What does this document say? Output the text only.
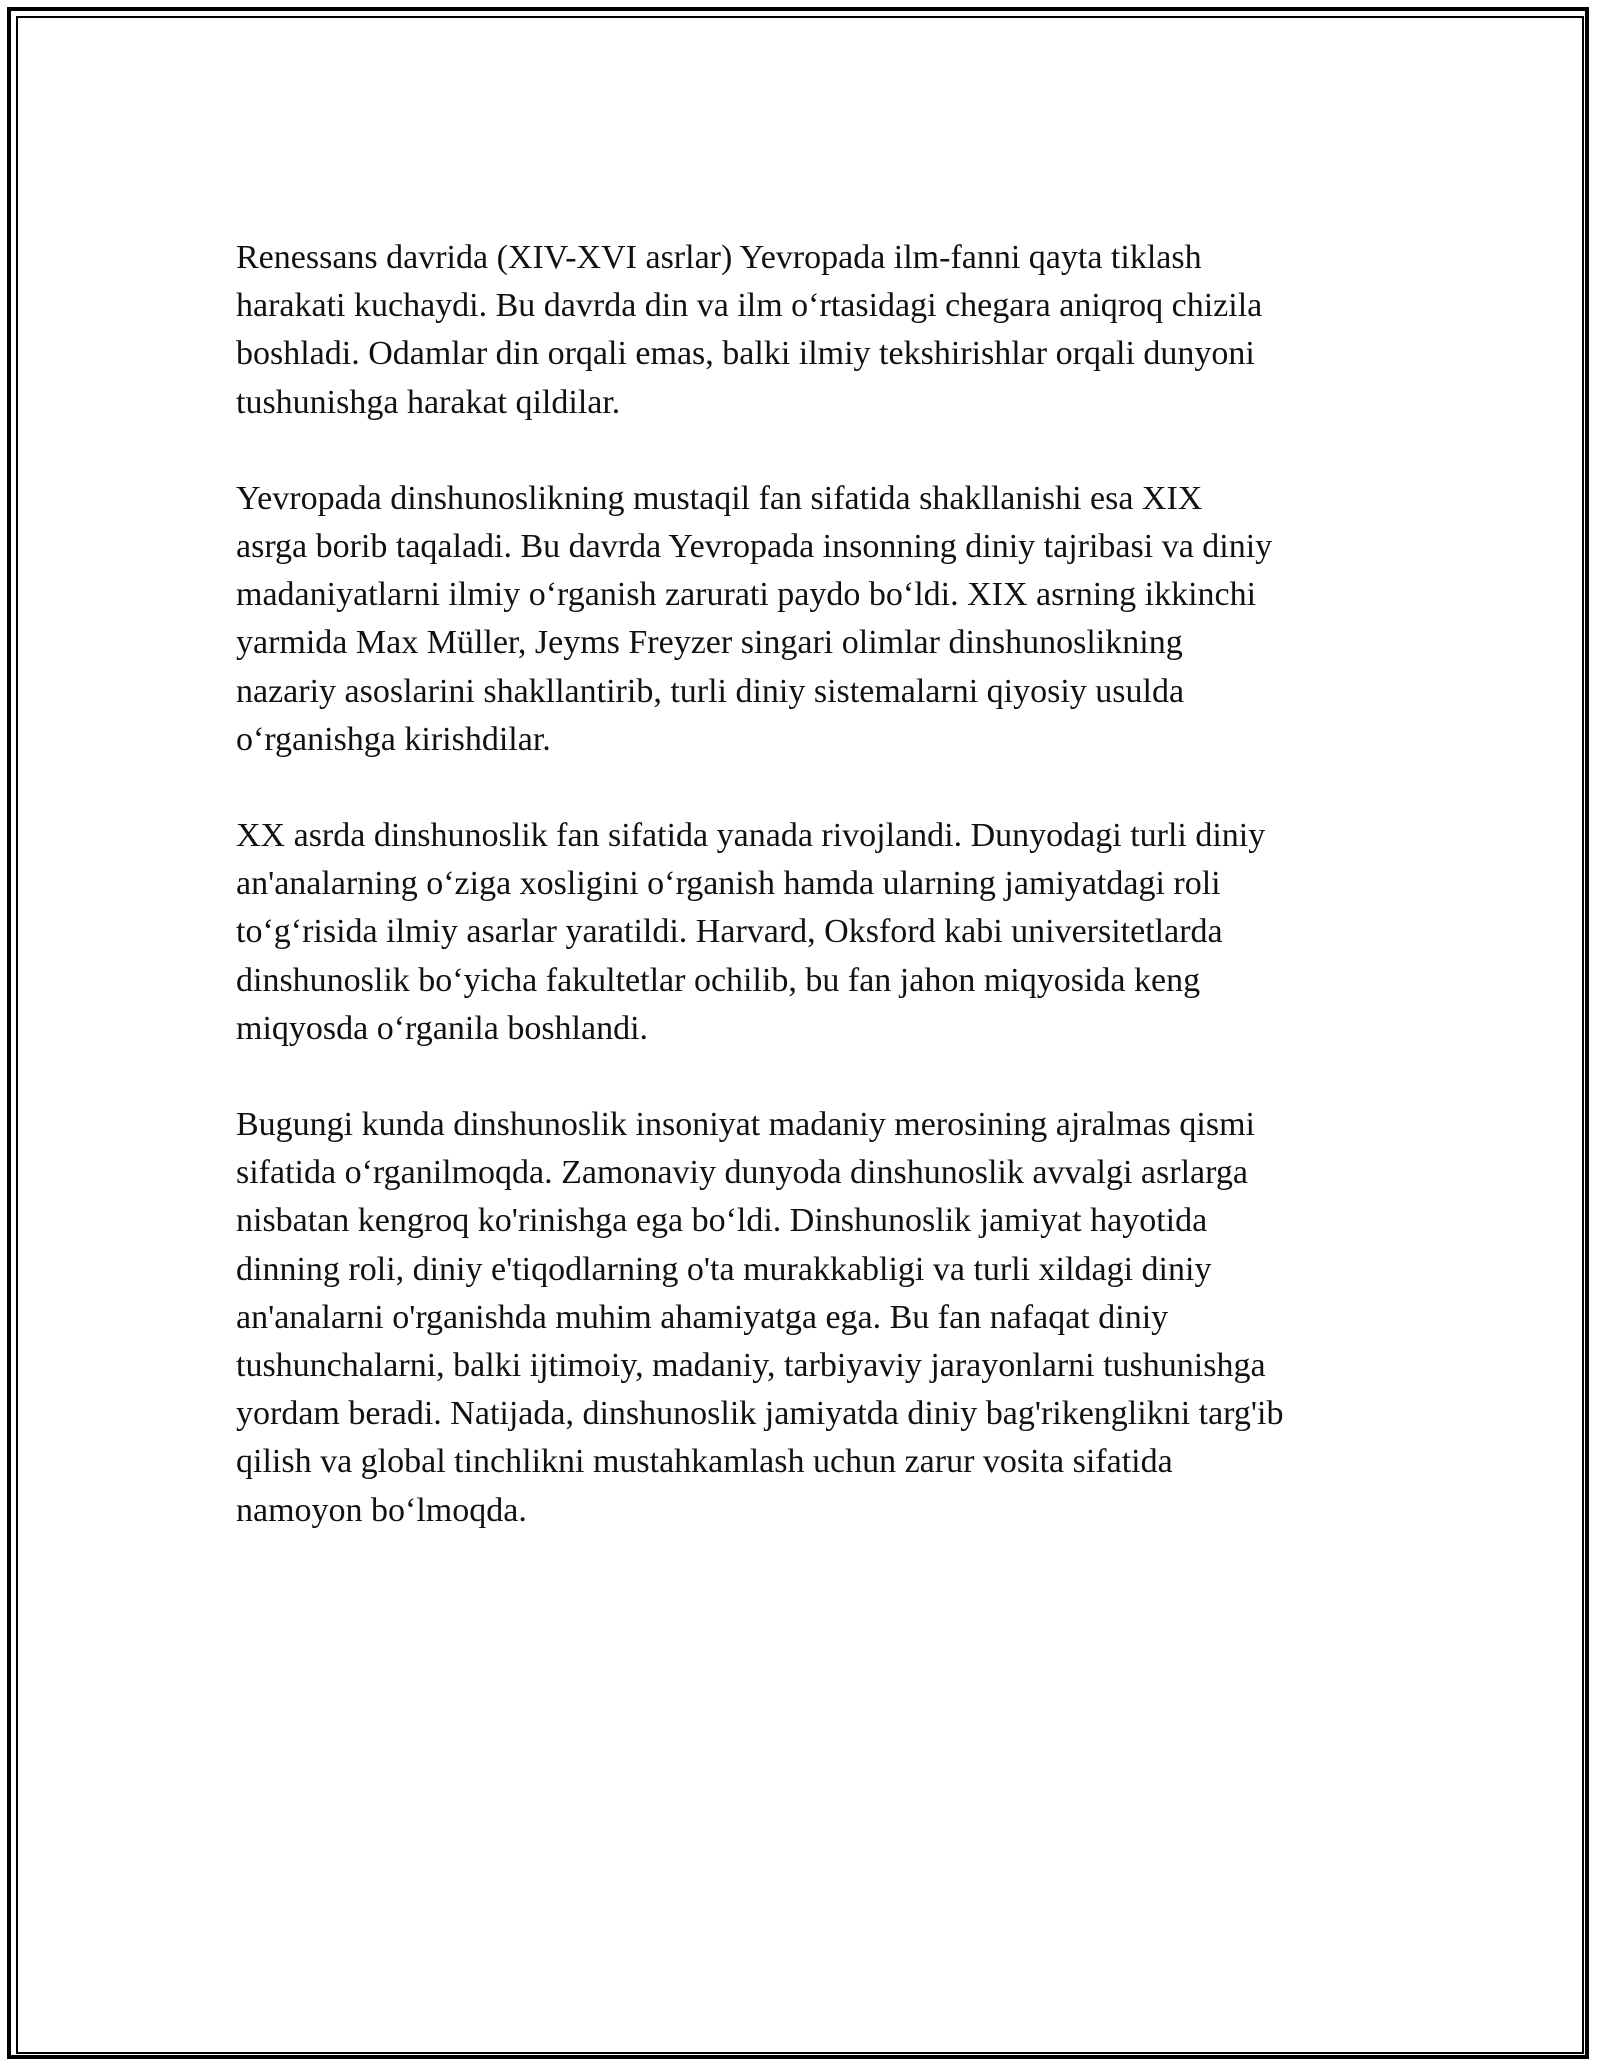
Renessans davrida (XIV-XVI asrlar) Yevropada ilm-fanni qayta tiklash
harakati kuchaydi. Bu davrda din va ilm o‘rtasidagi chegara aniqroq chizila
boshladi. Odamlar din orqali emas, balki ilmiy tekshirishlar orqali dunyoni
tushunishga harakat qildilar.

Yevropada dinshunoslikning mustaqil fan sifatida shakllanishi esa XIX
asrga borib taqaladi. Bu davrda Yevropada insonning diniy tajribasi va diniy
madaniyatlarni ilmiy o‘rganish zarurati paydo bo‘ldi. XIX asrning ikkinchi
yarmida Max Müller, Jeyms Freyzer singari olimlar dinshunoslikning
nazariy asoslarini shakllantirib, turli diniy sistemalarni qiyosiy usulda
o‘rganishga kirishdilar.

XX asrda dinshunoslik fan sifatida yanada rivojlandi. Dunyodagi turli diniy
an'analarning o‘ziga xosligini o‘rganish hamda ularning jamiyatdagi roli
to‘g‘risida ilmiy asarlar yaratildi. Harvard, Oksford kabi universitetlarda
dinshunoslik bo‘yicha fakultetlar ochilib, bu fan jahon miqyosida keng
miqyosda o‘rganila boshlandi.

Bugungi kunda dinshunoslik insoniyat madaniy merosining ajralmas qismi
sifatida o‘rganilmoqda. Zamonaviy dunyoda dinshunoslik avvalgi asrlarga
nisbatan kengroq ko'rinishga ega bo‘ldi. Dinshunoslik jamiyat hayotida
dinning roli, diniy e'tiqodlarning o'ta murakkabligi va turli xildagi diniy
an'analarni o'rganishda muhim ahamiyatga ega. Bu fan nafaqat diniy
tushunchalarni, balki ijtimoiy, madaniy, tarbiyaviy jarayonlarni tushunishga
yordam beradi. Natijada, dinshunoslik jamiyatda diniy bag'rikenglikni targ'ib
qilish va global tinchlikni mustahkamlash uchun zarur vosita sifatida
namoyon bo‘lmoqda.
